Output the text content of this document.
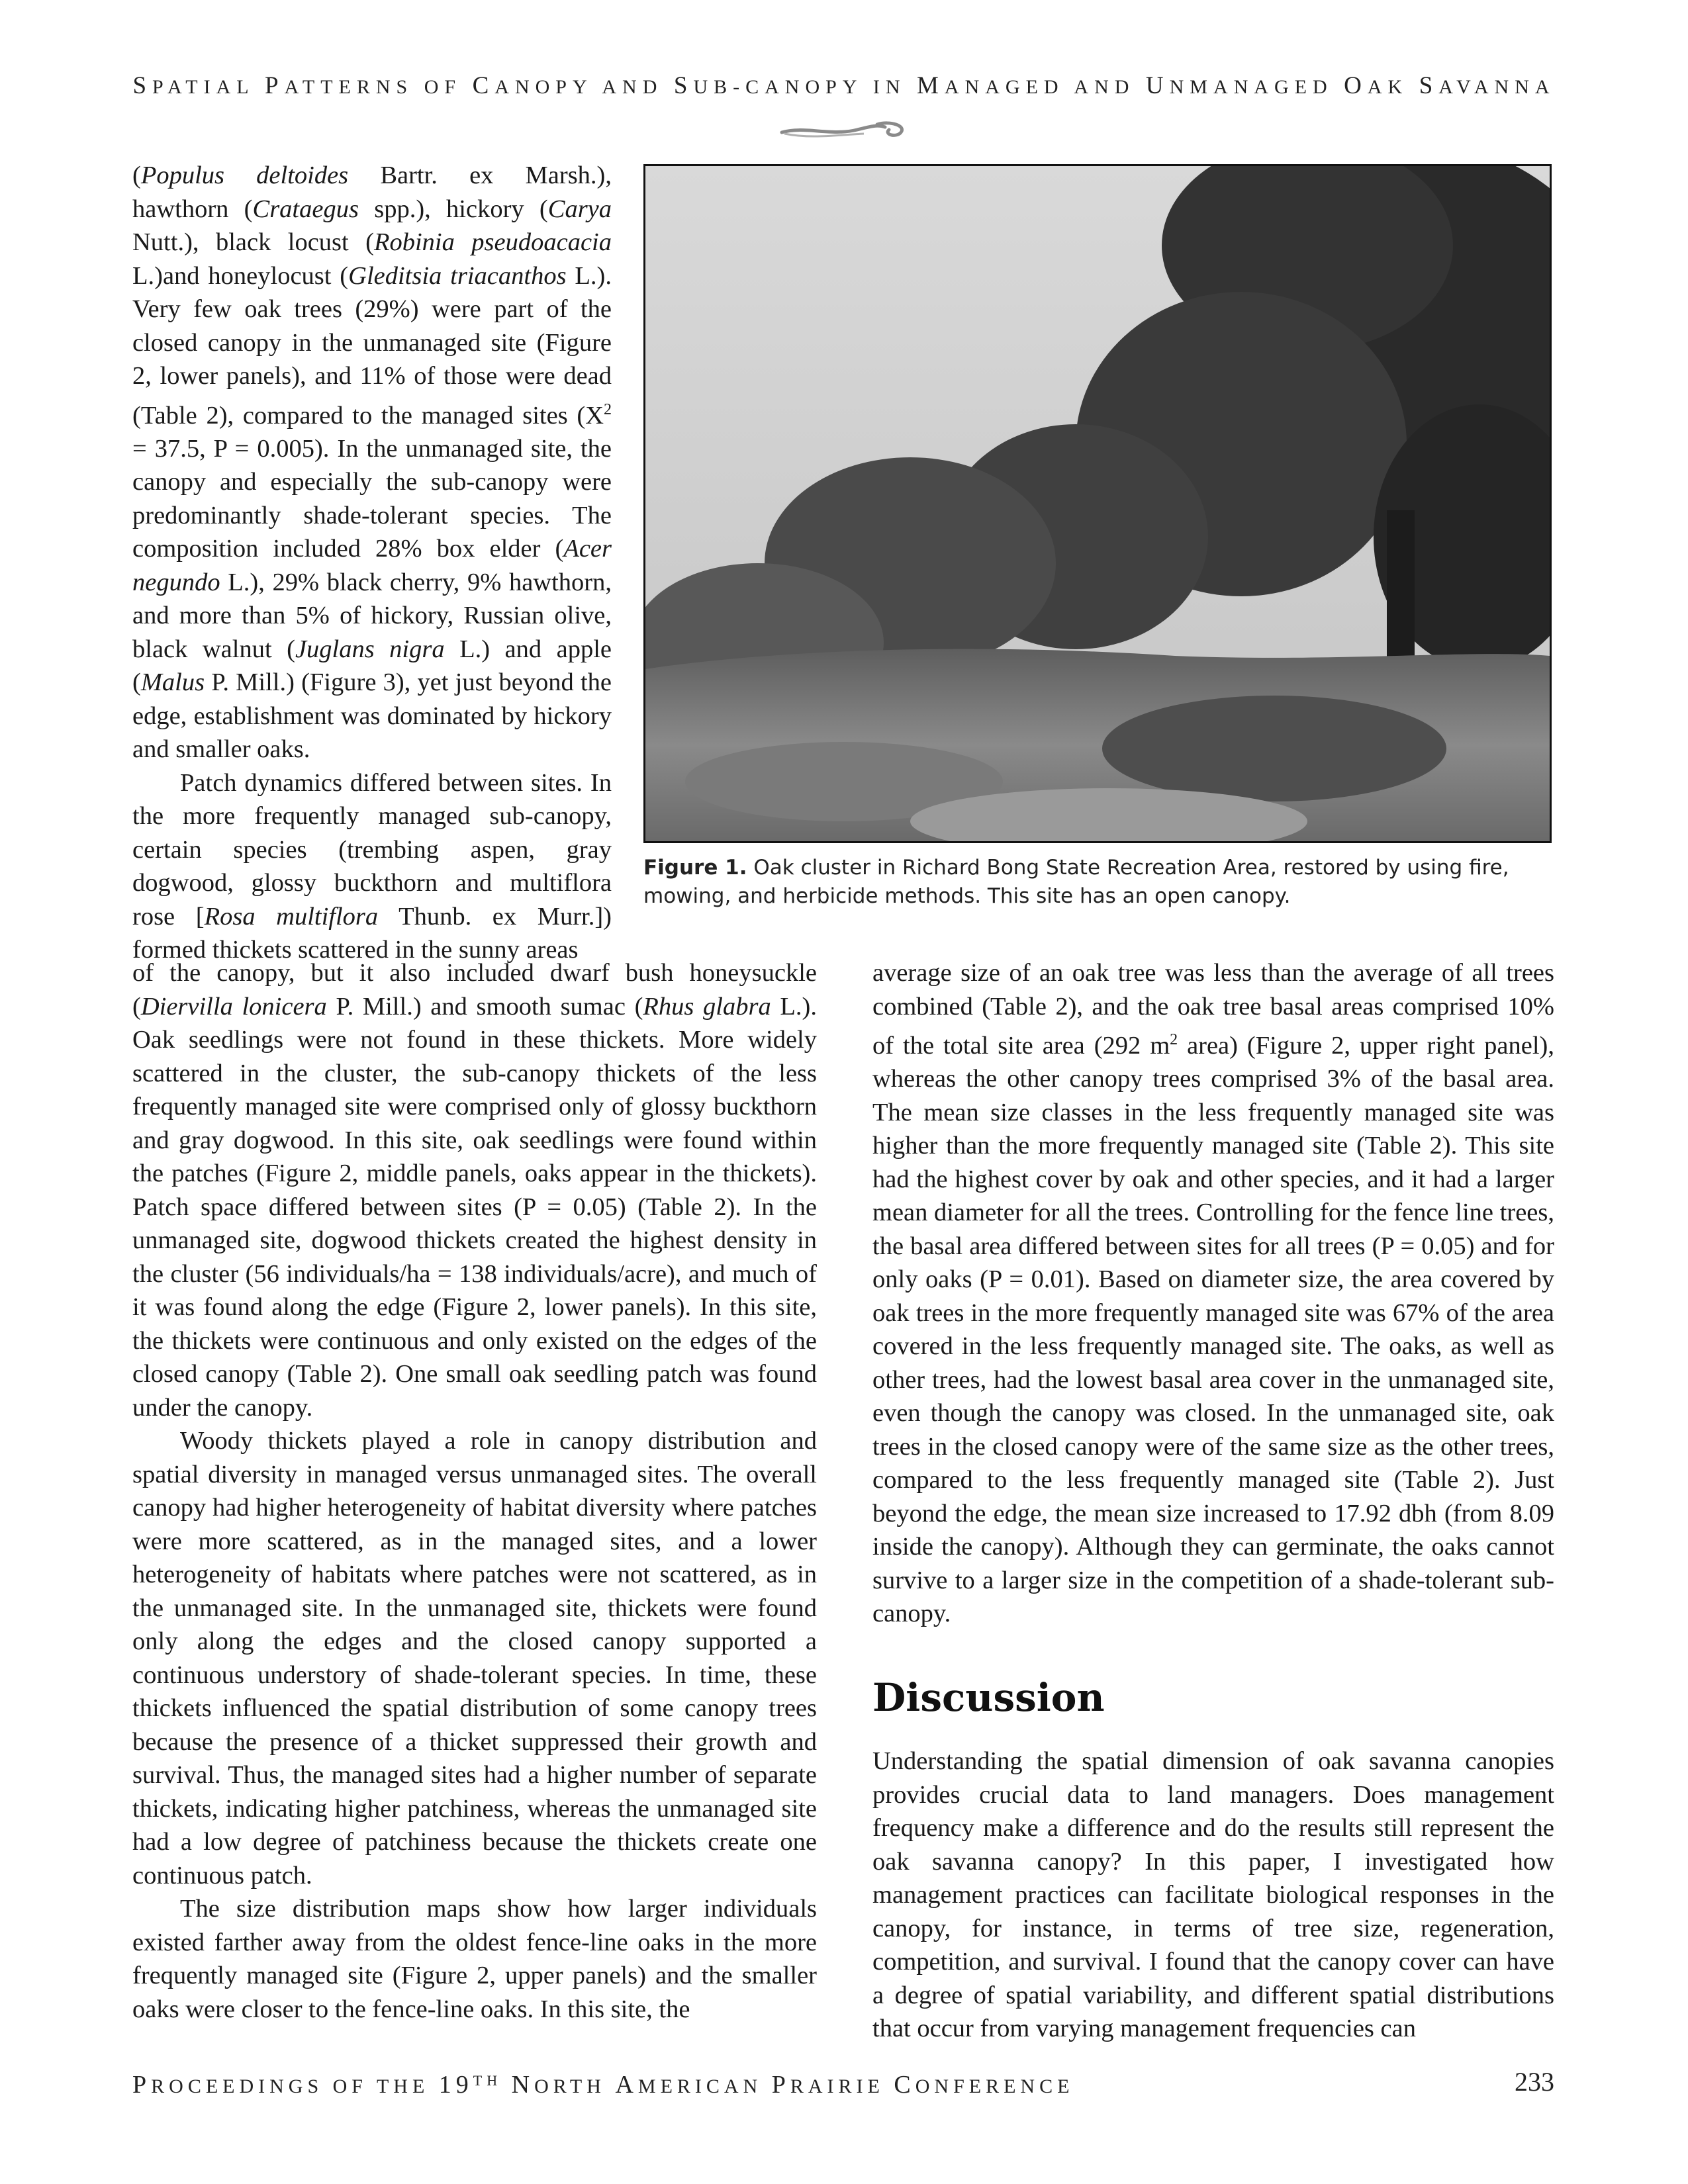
SPATIAL PATTERNS OF CANOPY AND SUB-CANOPY IN MANAGED AND UNMANAGED OAK SAVANNA

(Populus deltoides Bartr. ex Marsh.), hawthorn (Crataegus spp.), hickory (Carya Nutt.), black locust (Robinia pseudoacacia L.)and honeylocust (Gleditsia triacanthos L.). Very few oak trees (29%) were part of the closed canopy in the unmanaged site (Figure 2, lower panels), and 11% of those were dead (Table 2), compared to the managed sites ($X^2 = 37.5$, P = 0.005). In the unmanaged site, the canopy and especially the sub-canopy were predominantly shade-tolerant species. The composition included 28% box elder (Acer negundo L.), 29% black cherry, 9% hawthorn, and more than 5% of hickory, Russian olive, black walnut (Juglans nigra L.) and apple (Malus P. Mill.) (Figure 3), yet just beyond the edge, establishment was dominated by hickory and smaller oaks.

Patch dynamics differed between sites. In the more frequently managed sub-canopy, certain species (trembing aspen, gray dogwood, glossy buckthorn and multiflora rose [Rosa multiflora Thunb. ex Murr.]) formed thickets scattered in the sunny areas

Figure 1. Oak cluster in Richard Bong State Recreation Area, restored by using fire, mowing, and herbicide methods. This site has an open canopy.

of the canopy, but it also included dwarf bush honeysuckle (Diervilla lonicera P. Mill.) and smooth sumac (Rhus glabra L.). Oak seedlings were not found in these thickets. More widely scattered in the cluster, the sub-canopy thickets of the less frequently managed site were comprised only of glossy buckthorn and gray dogwood. In this site, oak seedlings were found within the patches (Figure 2, middle panels, oaks appear in the thickets). Patch space differed between sites (P = 0.05) (Table 2). In the unmanaged site, dogwood thickets created the highest density in the cluster (56 individuals/ha = 138 individuals/acre), and much of it was found along the edge (Figure 2, lower panels). In this site, the thickets were continuous and only existed on the edges of the closed canopy (Table 2). One small oak seedling patch was found under the canopy.

Woody thickets played a role in canopy distribution and spatial diversity in managed versus unmanaged sites. The overall canopy had higher heterogeneity of habitat diversity where patches were more scattered, as in the managed sites, and a lower heterogeneity of habitats where patches were not scattered, as in the unmanaged site. In the unmanaged site, thickets were found only along the edges and the closed canopy supported a continuous understory of shade-tolerant species. In time, these thickets influenced the spatial distribution of some canopy trees because the presence of a thicket suppressed their growth and survival. Thus, the managed sites had a higher number of separate thickets, indicating higher patchiness, whereas the unmanaged site had a low degree of patchiness because the thickets create one continuous patch.

The size distribution maps show how larger individuals existed farther away from the oldest fence-line oaks in the more frequently managed site (Figure 2, upper panels) and the smaller oaks were closer to the fence-line oaks. In this site, the

average size of an oak tree was less than the average of all trees combined (Table 2), and the oak tree basal areas comprised 10% of the total site area (292 $m^2$ area) (Figure 2, upper right panel), whereas the other canopy trees comprised 3% of the basal area. The mean size classes in the less frequently managed site was higher than the more frequently managed site (Table 2). This site had the highest cover by oak and other species, and it had a larger mean diameter for all the trees. Controlling for the fence line trees, the basal area differed between sites for all trees (P = 0.05) and for only oaks (P = 0.01). Based on diameter size, the area covered by oak trees in the more frequently managed site was 67% of the area covered in the less frequently managed site. The oaks, as well as other trees, had the lowest basal area cover in the unmanaged site, even though the canopy was closed. In the unmanaged site, oak trees in the closed canopy were of the same size as the other trees, compared to the less frequently managed site (Table 2). Just beyond the edge, the mean size increased to 17.92 dbh (from 8.09 inside the canopy). Although they can germinate, the oaks cannot survive to a larger size in the competition of a shade-tolerant sub-canopy.

Discussion

Understanding the spatial dimension of oak savanna canopies provides crucial data to land managers. Does management frequency make a difference and do the results still represent the oak savanna canopy? In this paper, I investigated how management practices can facilitate biological responses in the canopy, for instance, in terms of tree size, regeneration, competition, and survival. I found that the canopy cover can have a degree of spatial variability, and different spatial distributions that occur from varying management frequencies can

PROCEEDINGS OF THE 19TH NORTH AMERICAN PRAIRIE CONFERENCE	233
